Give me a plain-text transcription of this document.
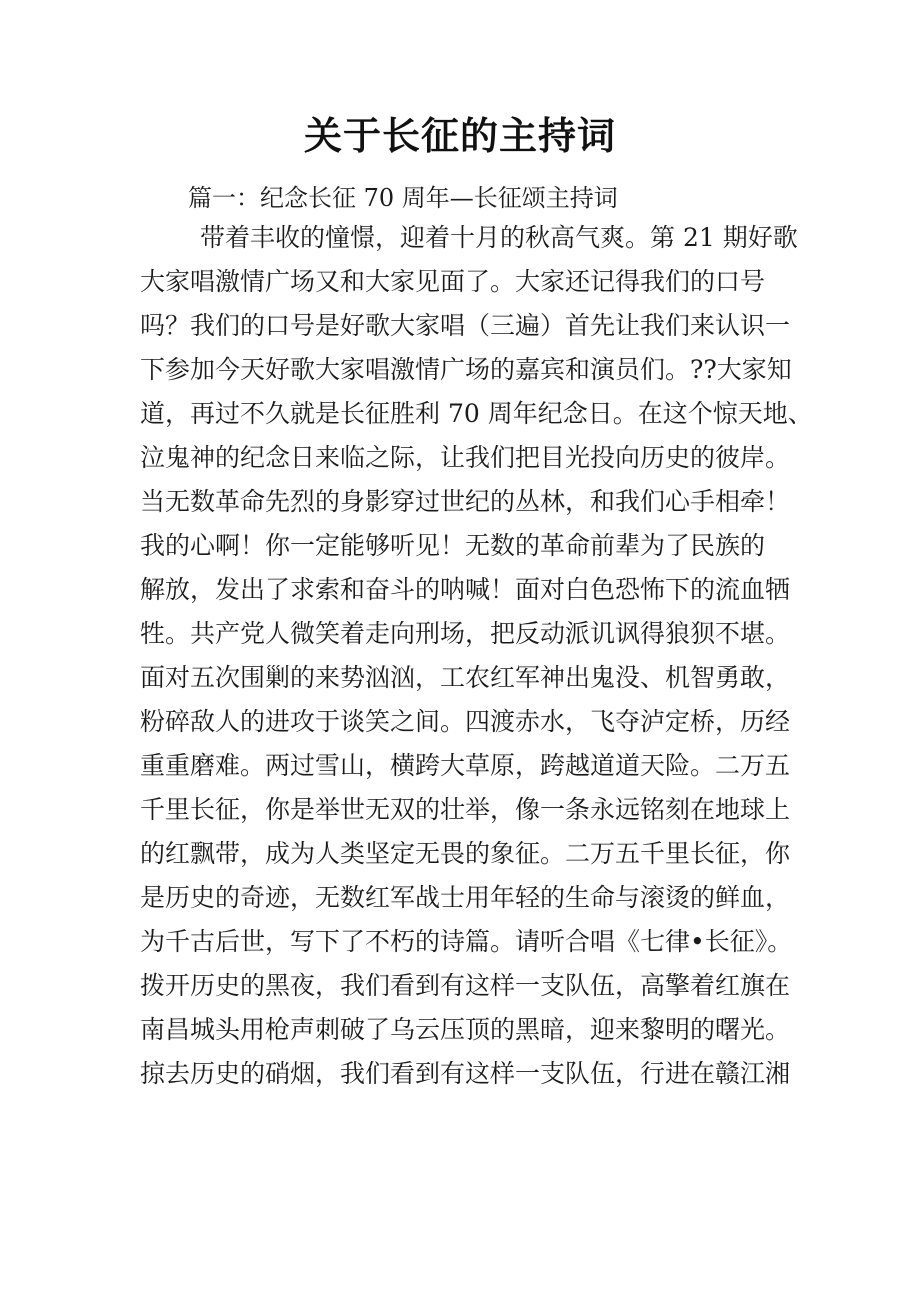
关于长征的主持词
篇一：纪念长征 70 周年—长征颂主持词
带着丰收的憧憬，迎着十月的秋高气爽。第 21 期好歌
大家唱激情广场又和大家见面了。大家还记得我们的口号
吗？我们的口号是好歌大家唱（三遍）首先让我们来认识一
下参加今天好歌大家唱激情广场的嘉宾和演员们。??大家知
道，再过不久就是长征胜利 70 周年纪念日。在这个惊天地、
泣鬼神的纪念日来临之际，让我们把目光投向历史的彼岸。
当无数革命先烈的身影穿过世纪的丛林，和我们心手相牵！
我的心啊！你一定能够听见！无数的革命前辈为了民族的
解放，发出了求索和奋斗的呐喊！面对白色恐怖下的流血牺
牲。共产党人微笑着走向刑场，把反动派讥讽得狼狈不堪。
面对五次围剿的来势汹汹，工农红军神出鬼没、机智勇敢，
粉碎敌人的进攻于谈笑之间。四渡赤水，飞夺泸定桥，历经
重重磨难。两过雪山，横跨大草原，跨越道道天险。二万五
千里长征，你是举世无双的壮举，像一条永远铭刻在地球上
的红飘带，成为人类坚定无畏的象征。二万五千里长征，你
是历史的奇迹，无数红军战士用年轻的生命与滚烫的鲜血，
为千古后世，写下了不朽的诗篇。请听合唱《七律•长征》。
拨开历史的黑夜，我们看到有这样一支队伍，高擎着红旗在
南昌城头用枪声刺破了乌云压顶的黑暗，迎来黎明的曙光。
掠去历史的硝烟，我们看到有这样一支队伍，行进在赣江湘
